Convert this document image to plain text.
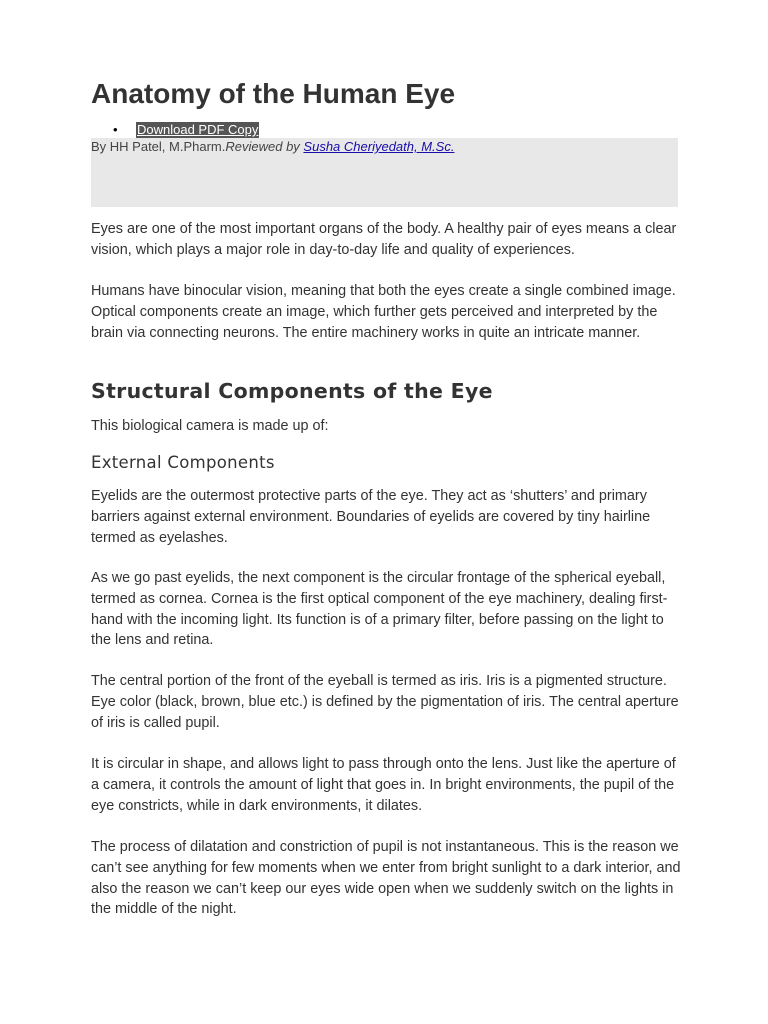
Anatomy of the Human Eye
• Download PDF Copy
By HH Patel, M.Pharm.Reviewed by Susha Cheriyedath, M.Sc.

Eyes are one of the most important organs of the body. A healthy pair of eyes means a clear vision, which plays a major role in day-to-day life and quality of experiences.

Humans have binocular vision, meaning that both the eyes create a single combined image. Optical components create an image, which further gets perceived and interpreted by the brain via connecting neurons. The entire machinery works in quite an intricate manner.

Structural Components of the Eye

This biological camera is made up of:

External Components

Eyelids are the outermost protective parts of the eye. They act as ‘shutters’ and primary barriers against external environment. Boundaries of eyelids are covered by tiny hairline termed as eyelashes.

As we go past eyelids, the next component is the circular frontage of the spherical eyeball, termed as cornea. Cornea is the first optical component of the eye machinery, dealing first-hand with the incoming light. Its function is of a primary filter, before passing on the light to the lens and retina.

The central portion of the front of the eyeball is termed as iris. Iris is a pigmented structure. Eye color (black, brown, blue etc.) is defined by the pigmentation of iris. The central aperture of iris is called pupil.

It is circular in shape, and allows light to pass through onto the lens. Just like the aperture of a camera, it controls the amount of light that goes in. In bright environments, the pupil of the eye constricts, while in dark environments, it dilates.

The process of dilatation and constriction of pupil is not instantaneous. This is the reason we can’t see anything for few moments when we enter from bright sunlight to a dark interior, and also the reason we can’t keep our eyes wide open when we suddenly switch on the lights in the middle of the night.
